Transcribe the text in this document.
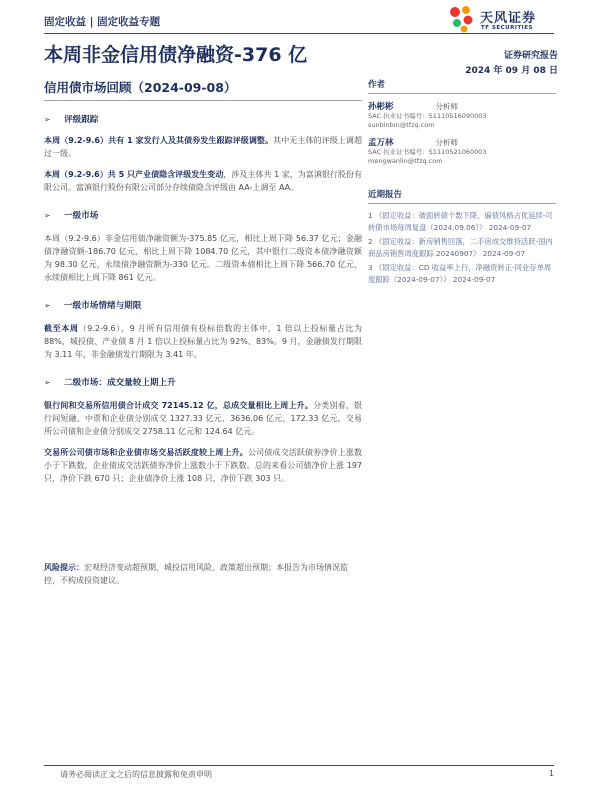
固定收益 | 固定收益专题	天风证券
TF SECURITIES
本周非金信用债净融资-376 亿	证券研究报告
2024 年 09 月 08 日
信用债市场回顾（2024-09-08）
➢	评级跟踪

本周（9.2-9.6）共有 1 家发行人及其债券发生跟踪评级调整。其中无主体的评级上调超过一级。

本周（9.2-9.6）共 5 只产业债隐含评级发生变动，涉及主体共 1 家，为富滇银行股份有限公司。富滇银行股份有限公司部分存续债隐含评级由 AA-上调至 AA。

➢	一级市场

本周（9.2-9.6）非金信用债净融资额为-375.85 亿元，相比上周下降 56.37 亿元；金融债净融资额-186.70 亿元，相比上周下降 1084.70 亿元，其中银行二级资本债净融资额为 98.30 亿元，永续债净融资额为-330 亿元。二级资本债相比上周下降 566.70 亿元，永续债相比上周下降 861 亿元。

➢	一级市场情绪与期限

截至本周（9.2-9.6），9 月所有信用债有投标倍数的主体中，1 倍以上投标量占比为 88%，城投债、产业债 8 月 1 倍以上投标量占比为 92%、83%。9 月，金融债发行期限为 3.11 年，非金融债发行期限为 3.41 年。

➢	二级市场：成交量较上期上升

银行间和交易所信用债合计成交 72145.12 亿，总成交量相比上周上升。分类别看，银行间短融、中票和企业债分别成交 1327.33 亿元、3636.06 亿元、172.33 亿元，交易所公司债和企业债分别成交 2758.11 亿元和 124.64 亿元。

交易所公司债市场和企业债市场交易活跃度较上周上升。公司债成交活跃债券净价上涨数小于下跌数，企业债成交活跃债券净价上涨数小于下跌数。总的来看公司债净价上涨 197 只，净价下跌 670 只；企业债净价上涨 108 只，净价下跌 303 只。

风险提示：宏观经济变动超预期、城投信用风险、政策超出预期；本报告为市场情况监控，不构成投资建议。

作者
孙彬彬	分析师
SAC 执业证书编号：S1110516090003
sunbinbin@tfzq.com
孟万林	分析师
SAC 执业证书编号：S1110521060003
mengwanlin@tfzq.com
近期报告
1 《固定收益：破面转债个数下降，偏债风格占优延续-可转债市场每周复盘（2024.09.06）》 2024-09-07
2 《固定收益：新房销售回落，二手房成交维持活跃-国内商品房销售周度跟踪 20240907》 2024-09-07
3 《固定收益：CD 收益率上行，净融资转正-同业存单周度跟踪（2024-09-07）》 2024-09-07
请务必阅读正文之后的信息披露和免责申明	1
